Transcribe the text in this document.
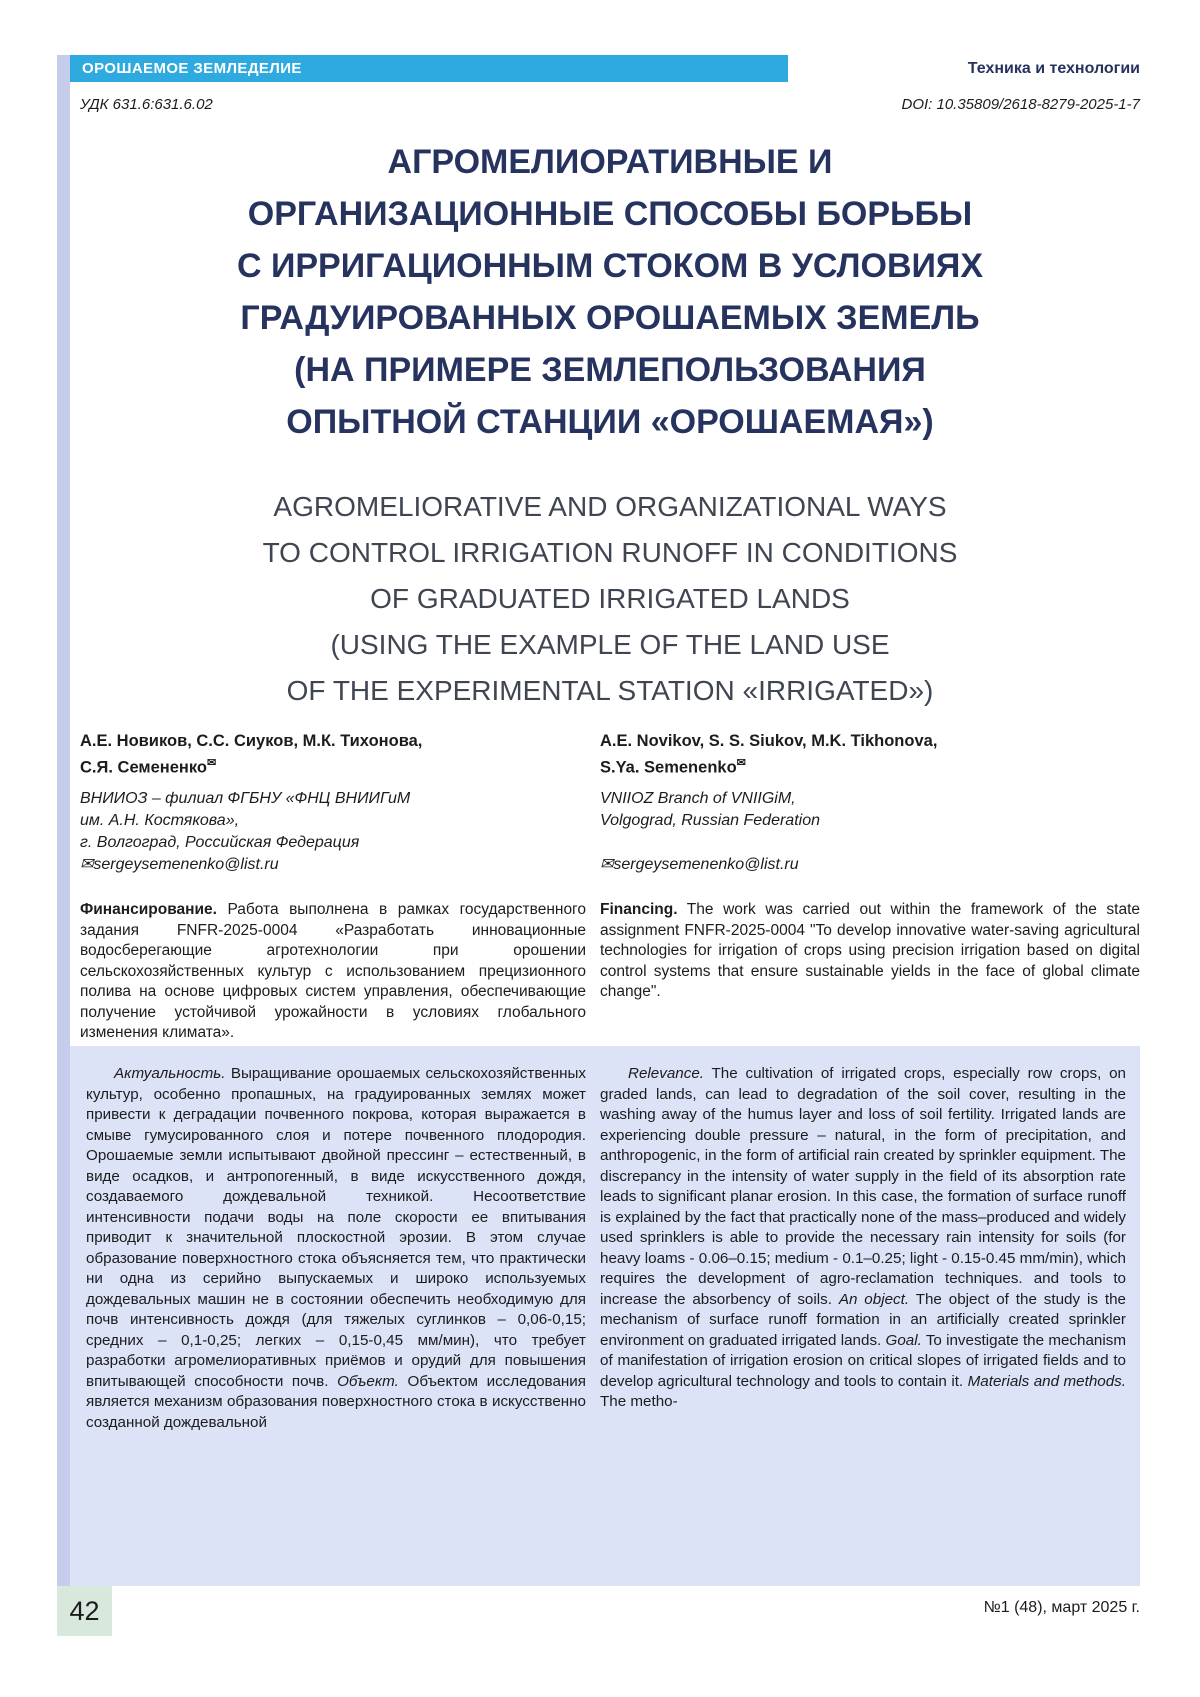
ОРОШАЕМОЕ ЗЕМЛЕДЕЛИЕ	Техника и технологии
УДК 631.6:631.6.02	DOI: 10.35809/2618-8279-2025-1-7
АГРОМЕЛИОРАТИВНЫЕ И
ОРГАНИЗАЦИОННЫЕ СПОСОБЫ БОРЬБЫ
С ИРРИГАЦИОННЫМ СТОКОМ В УСЛОВИЯХ
ГРАДУИРОВАННЫХ ОРОШАЕМЫХ ЗЕМЕЛЬ
(НА ПРИМЕРЕ ЗЕМЛЕПОЛЬЗОВАНИЯ
ОПЫТНОЙ СТАНЦИИ «ОРОШАЕМАЯ»)
AGROMELIORATIVE AND ORGANIZATIONAL WAYS
TO CONTROL IRRIGATION RUNOFF IN CONDITIONS
OF GRADUATED IRRIGATED LANDS
(USING THE EXAMPLE OF THE LAND USE
OF THE EXPERIMENTAL STATION «IRRIGATED»)
А.Е. Новиков, С.С. Сиуков, М.К. Тихонова,
С.Я. Семененко✉
A.E. Novikov, S. S. Siukov, M.K. Tikhonova,
S.Ya. Semenenko✉
ВНИИОЗ – филиал ФГБНУ «ФНЦ ВНИИГиМ
им. А.Н. Костякова»,
г. Волгоград, Российская Федерация
✉sergeysemenenko@list.ru
VNIIOZ Branch of VNIIGiM,
Volgograd, Russian Federation
✉sergeysemenenko@list.ru

Финансирование. Работа выполнена в рамках государственного задания FNFR-2025-0004 «Разработать инновационные водосберегающие агротехнологии при орошении сельскохозяйственных культур с использованием прецизионного полива на основе цифровых систем управления, обеспечивающие получение устойчивой урожайности в условиях глобального изменения климата».

Financing. The work was carried out within the framework of the state assignment FNFR-2025-0004 "To develop innovative water-saving agricultural technologies for irrigation of crops using precision irrigation based on digital control systems that ensure sustainable yields in the face of global climate change".

Актуальность. Выращивание орошаемых сельскохозяйственных культур, особенно пропашных, на градуированных землях может привести к деградации почвенного покрова, которая выражается в смыве гумусированного слоя и потере почвенного плодородия. Орошаемые земли испытывают двойной прессинг – естественный, в виде осадков, и антропогенный, в виде искусственного дождя, создаваемого дождевальной техникой. Несоответствие интенсивности подачи воды на поле скорости ее впитывания приводит к значительной плоскостной эрозии. В этом случае образование поверхностного стока объясняется тем, что практически ни одна из серийно выпускаемых и широко используемых дождевальных машин не в состоянии обеспечить необходимую для почв интенсивность дождя (для тяжелых суглинков – 0,06-0,15; средних – 0,1-0,25; легких – 0,15-0,45 мм/мин), что требует разработки агромелиоративных приёмов и орудий для повышения впитывающей способности почв. Объект. Объектом исследования является механизм образования поверхностного стока в искусственно созданной дождевальной

Relevance. The cultivation of irrigated crops, especially row crops, on graded lands, can lead to degradation of the soil cover, resulting in the washing away of the humus layer and loss of soil fertility. Irrigated lands are experiencing double pressure – natural, in the form of precipitation, and anthropogenic, in the form of artificial rain created by sprinkler equipment. The discrepancy in the intensity of water supply in the field of its absorption rate leads to significant planar erosion. In this case, the formation of surface runoff is explained by the fact that practically none of the mass–produced and widely used sprinklers is able to provide the necessary rain intensity for soils (for heavy loams - 0.06–0.15; medium - 0.1–0.25; light - 0.15-0.45 mm/min), which requires the development of agro-reclamation techniques. and tools to increase the absorbency of soils. An object. The object of the study is the mechanism of surface runoff formation in an artificially created sprinkler environment on graduated irrigated lands. Goal. To investigate the mechanism of manifestation of irrigation erosion on critical slopes of irrigated fields and to develop agricultural technology and tools to contain it. Materials and methods. The metho-

42	№1 (48), март 2025 г.
